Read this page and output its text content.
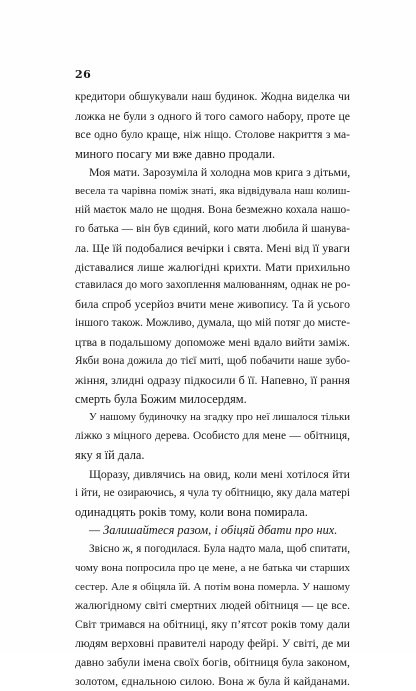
26
кредитори обшукували наш будинок. Жодна виделка чи
ложка не були з одного й того самого набору, проте це
все одно було краще, ніж ніщо. Столове накриття з ма-
миного посагу ми вже давно продали.
Моя мати. Зарозуміла й холодна мов крига з дітьми,
весела та чарівна поміж знаті, яка відвідувала наш колиш-
ній маєток мало не щодня. Вона безмежно кохала нашо-
го батька — він був єдиний, кого мати любила й шанува-
ла. Ще їй подобалися вечірки і свята. Мені від її уваги
діставалися лише жалюгідні крихти. Мати прихильно
ставилася до мого захоплення малюванням, однак не ро-
била спроб усерйоз вчити мене живопису. Та й усього
іншого також. Можливо, думала, що мій потяг до мисте-
цтва в подальшому допоможе мені вдало вийти заміж.
Якби вона дожила до тієї миті, щоб побачити наше зубо-
жіння, злидні одразу підкосили б її. Напевно, її рання
смерть була Божим милосердям.
У нашому будиночку на згадку про неї лишалося тільки
ліжко з міцного дерева. Особисто для мене — обітниця,
яку я їй дала.
Щоразу, дивлячись на овид, коли мені хотілося йти
і йти, не озираючись, я чула ту обітницю, яку дала матері
одинадцять років тому, коли вона помирала.
— Залишайтеся разом, і обіцяй дбати про них.
Звісно ж, я погодилася. Була надто мала, щоб спитати,
чому вона попросила про це мене, а не батька чи старших
сестер. Але я обіцяла їй. А потім вона померла. У нашому
жалюгідному світі смертних людей обітниця — це все.
Світ тримався на обітниці, яку п’ятсот років тому дали
людям верховні правителі народу фейрі. У світі, де ми
давно забули імена своїх богів, обітниця була законом,
золотом, єднальною силою. Вона ж була й кайданами.
